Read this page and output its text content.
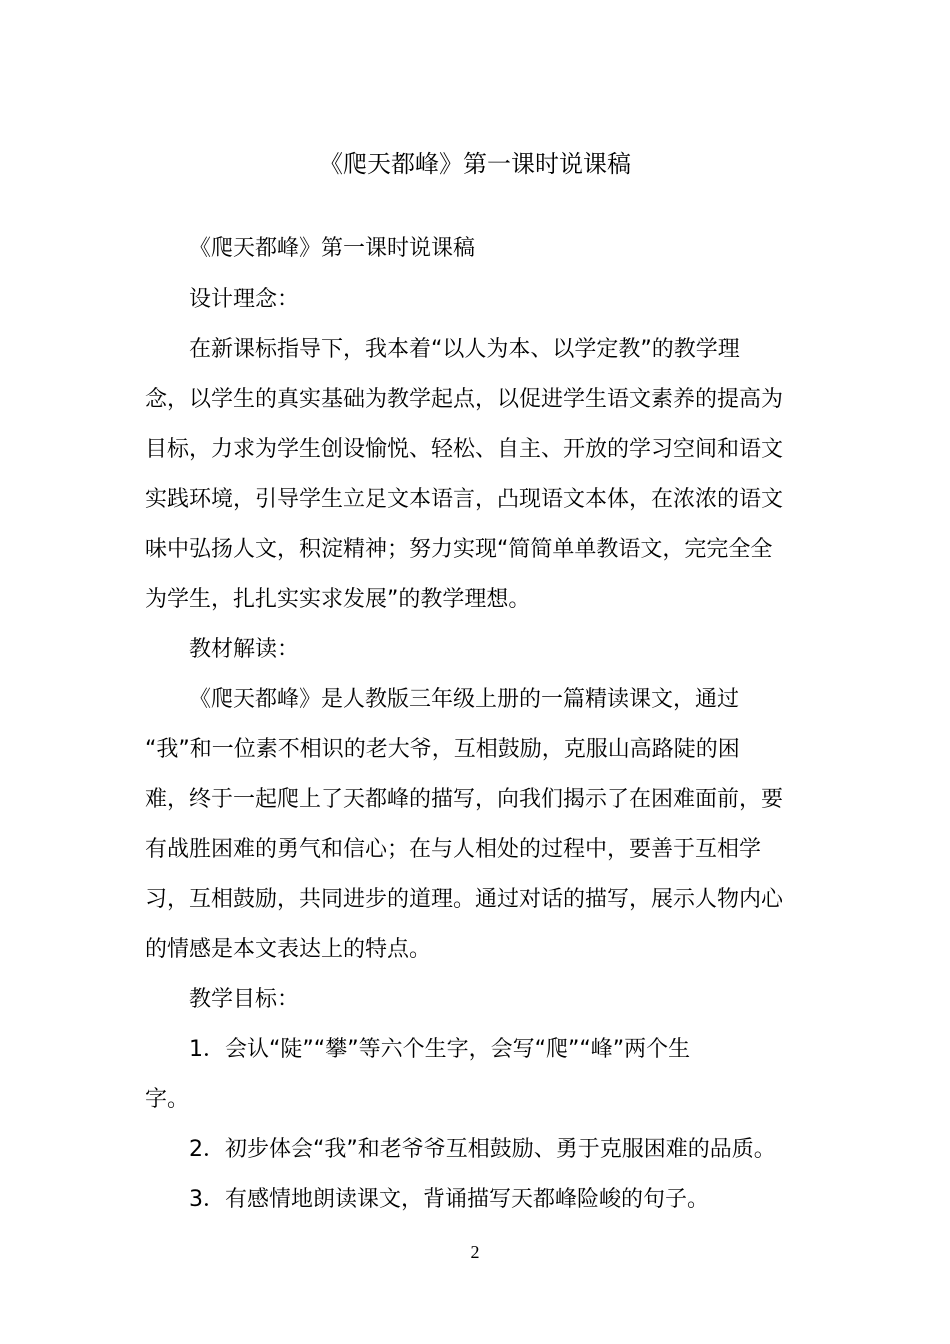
《爬天都峰》第一课时说课稿
《爬天都峰》第一课时说课稿
设计理念：
在新课标指导下，我本着“以人为本、以学定教”的教学理
念，以学生的真实基础为教学起点，以促进学生语文素养的提高为
目标，力求为学生创设愉悦、轻松、自主、开放的学习空间和语文
实践环境，引导学生立足文本语言，凸现语文本体，在浓浓的语文
味中弘扬人文，积淀精神；努力实现“简简单单教语文，完完全全
为学生，扎扎实实求发展”的教学理想。
教材解读：
《爬天都峰》是人教版三年级上册的一篇精读课文，通过
“我”和一位素不相识的老大爷，互相鼓励，克服山高路陡的困
难，终于一起爬上了天都峰的描写，向我们揭示了在困难面前，要
有战胜困难的勇气和信心；在与人相处的过程中，要善于互相学
习，互相鼓励，共同进步的道理。通过对话的描写，展示人物内心
的情感是本文表达上的特点。
教学目标：
1．会认“陡”“攀”等六个生字，会写“爬”“峰”两个生
字。
2．初步体会“我”和老爷爷互相鼓励、勇于克服困难的品质。
3．有感情地朗读课文，背诵描写天都峰险峻的句子。
2
